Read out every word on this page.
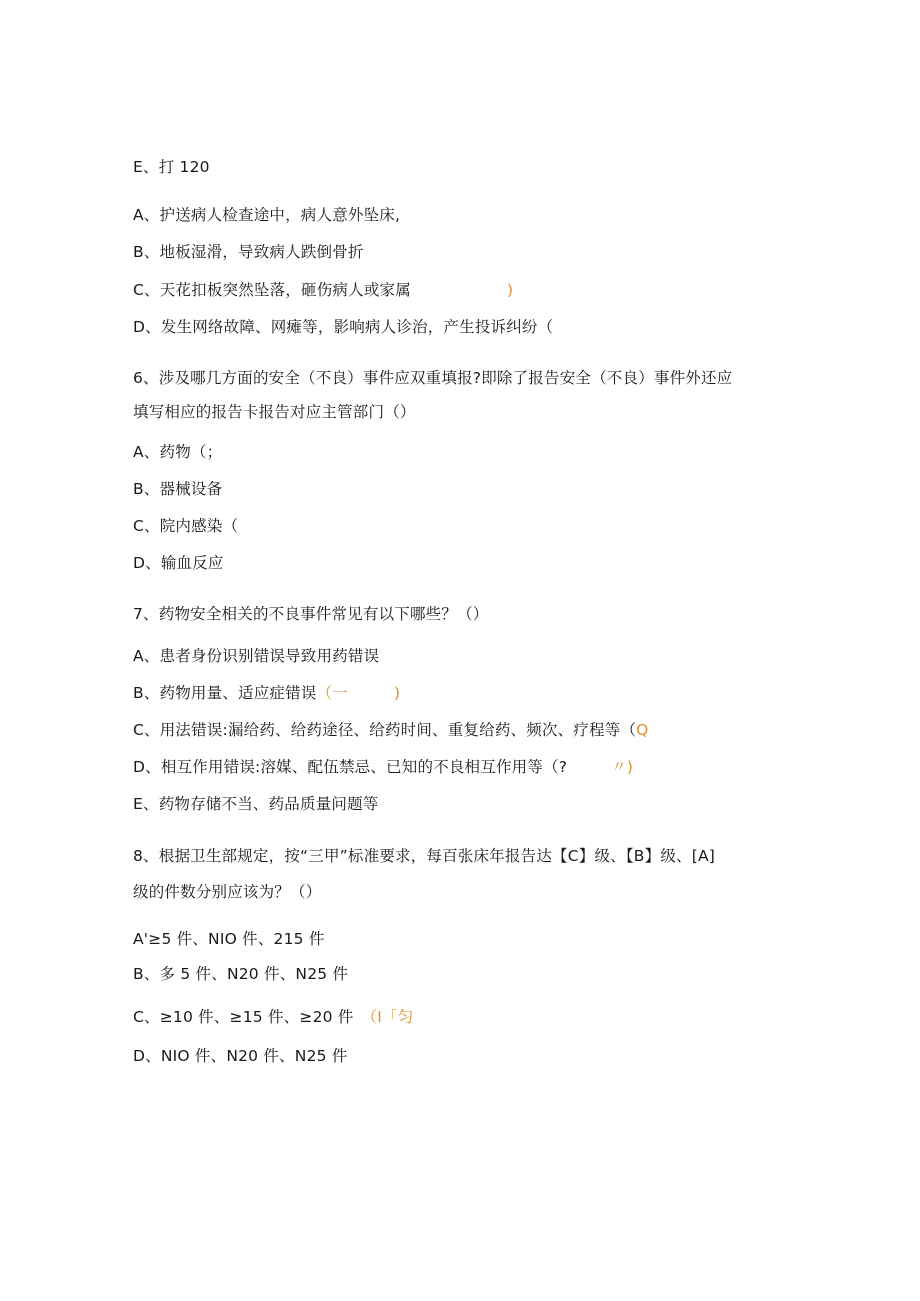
E、打 120
A、护送病人检查途中，病人意外坠床,
B、地板湿滑，导致病人跌倒骨折
C、天花扣板突然坠落，砸伤病人或家属	)
D、发生网络故障、网瘫等，影响病人诊治，产生投诉纠纷（
6、涉及哪几方面的安全（不良）事件应双重填报?即除了报告安全（不良）事件外还应
填写相应的报告卡报告对应主管部门（）
A、药物（；
B、器械设备
C、院内感染（
D、输血反应
7、药物安全相关的不良事件常见有以下哪些？（）
A、患者身份识别错误导致用药错误
B、药物用量、适应症错误（一	)
C、用法错误:漏给药、给药途径、给药时间、重复给药、频次、疗程等（Q
D、相互作用错误:溶媒、配伍禁忌、已知的不良相互作用等（?	〃)
E、药物存储不当、药品质量问题等
8、根据卫生部规定，按“三甲”标准要求，每百张床年报告达【C】级、【B】级、[A]
级的件数分别应该为？（）
A'≥5 件、NIO 件、215 件
B、多 5 件、N20 件、N25 件
C、≥10 件、≥15 件、≥20 件 （I「匀
D、NIO 件、N20 件、N25 件
